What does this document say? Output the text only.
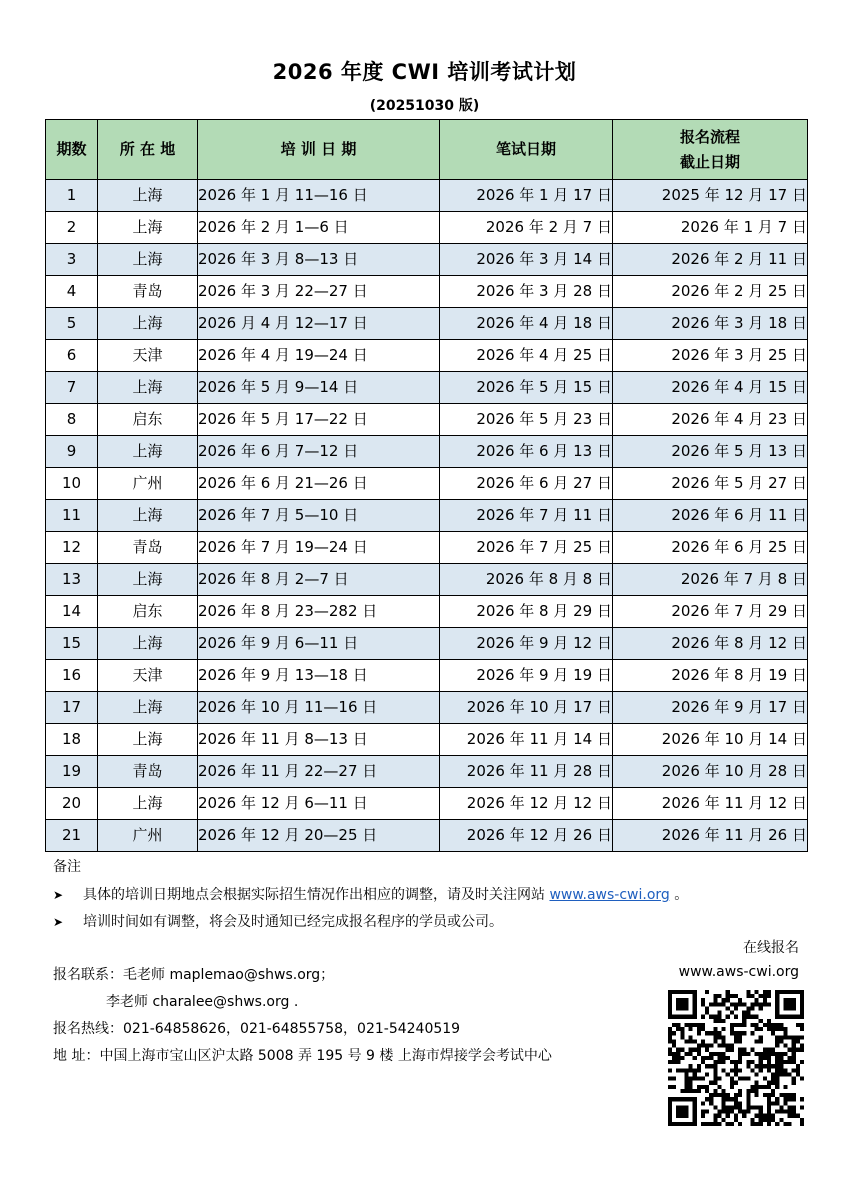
2026 年度 CWI 培训考试计划
(20251030 版)
期数	所 在 地	培 训 日 期	笔试日期	报名流程
截止日期

1	上海	2026 年 1 月 11—16 日	2026 年 1 月 17 日	2025 年 12 月 17 日
2	上海	2026 年 2 月 1—6 日	2026 年 2 月 7 日	2026 年 1 月 7 日
3	上海	2026 年 3 月 8—13 日	2026 年 3 月 14 日	2026 年 2 月 11 日
4	青岛	2026 年 3 月 22—27 日	2026 年 3 月 28 日	2026 年 2 月 25 日
5	上海	2026 月 4 月 12—17 日	2026 年 4 月 18 日	2026 年 3 月 18 日
6	天津	2026 年 4 月 19—24 日	2026 年 4 月 25 日	2026 年 3 月 25 日
7	上海	2026 年 5 月 9—14 日	2026 年 5 月 15 日	2026 年 4 月 15 日
8	启东	2026 年 5 月 17—22 日	2026 年 5 月 23 日	2026 年 4 月 23 日
9	上海	2026 年 6 月 7—12 日	2026 年 6 月 13 日	2026 年 5 月 13 日
10	广州	2026 年 6 月 21—26 日	2026 年 6 月 27 日	2026 年 5 月 27 日
11	上海	2026 年 7 月 5—10 日	2026 年 7 月 11 日	2026 年 6 月 11 日
12	青岛	2026 年 7 月 19—24 日	2026 年 7 月 25 日	2026 年 6 月 25 日
13	上海	2026 年 8 月 2—7 日	2026 年 8 月 8 日	2026 年 7 月 8 日
14	启东	2026 年 8 月 23—282 日	2026 年 8 月 29 日	2026 年 7 月 29 日
15	上海	2026 年 9 月 6—11 日	2026 年 9 月 12 日	2026 年 8 月 12 日
16	天津	2026 年 9 月 13—18 日	2026 年 9 月 19 日	2026 年 8 月 19 日
17	上海	2026 年 10 月 11—16 日	2026 年 10 月 17 日	2026 年 9 月 17 日
18	上海	2026 年 11 月 8—13 日	2026 年 11 月 14 日	2026 年 10 月 14 日
19	青岛	2026 年 11 月 22—27 日	2026 年 11 月 28 日	2026 年 10 月 28 日
20	上海	2026 年 12 月 6—11 日	2026 年 12 月 12 日	2026 年 11 月 12 日
21	广州	2026 年 12 月 20—25 日	2026 年 12 月 26 日	2026 年 11 月 26 日
备注
➤ 具体的培训日期地点会根据实际招生情况作出相应的调整，请及时关注网站 www.aws-cwi.org 。
➤ 培训时间如有调整，将会及时通知已经完成报名程序的学员或公司。
报名联系：毛老师 maplemao@shws.org；
李老师 charalee@shws.org .
报名热线：021-64858626，021-64855758，021-54240519
地 址：中国上海市宝山区沪太路 5008 弄 195 号 9 楼 上海市焊接学会考试中心
在线报名
www.aws-cwi.org
